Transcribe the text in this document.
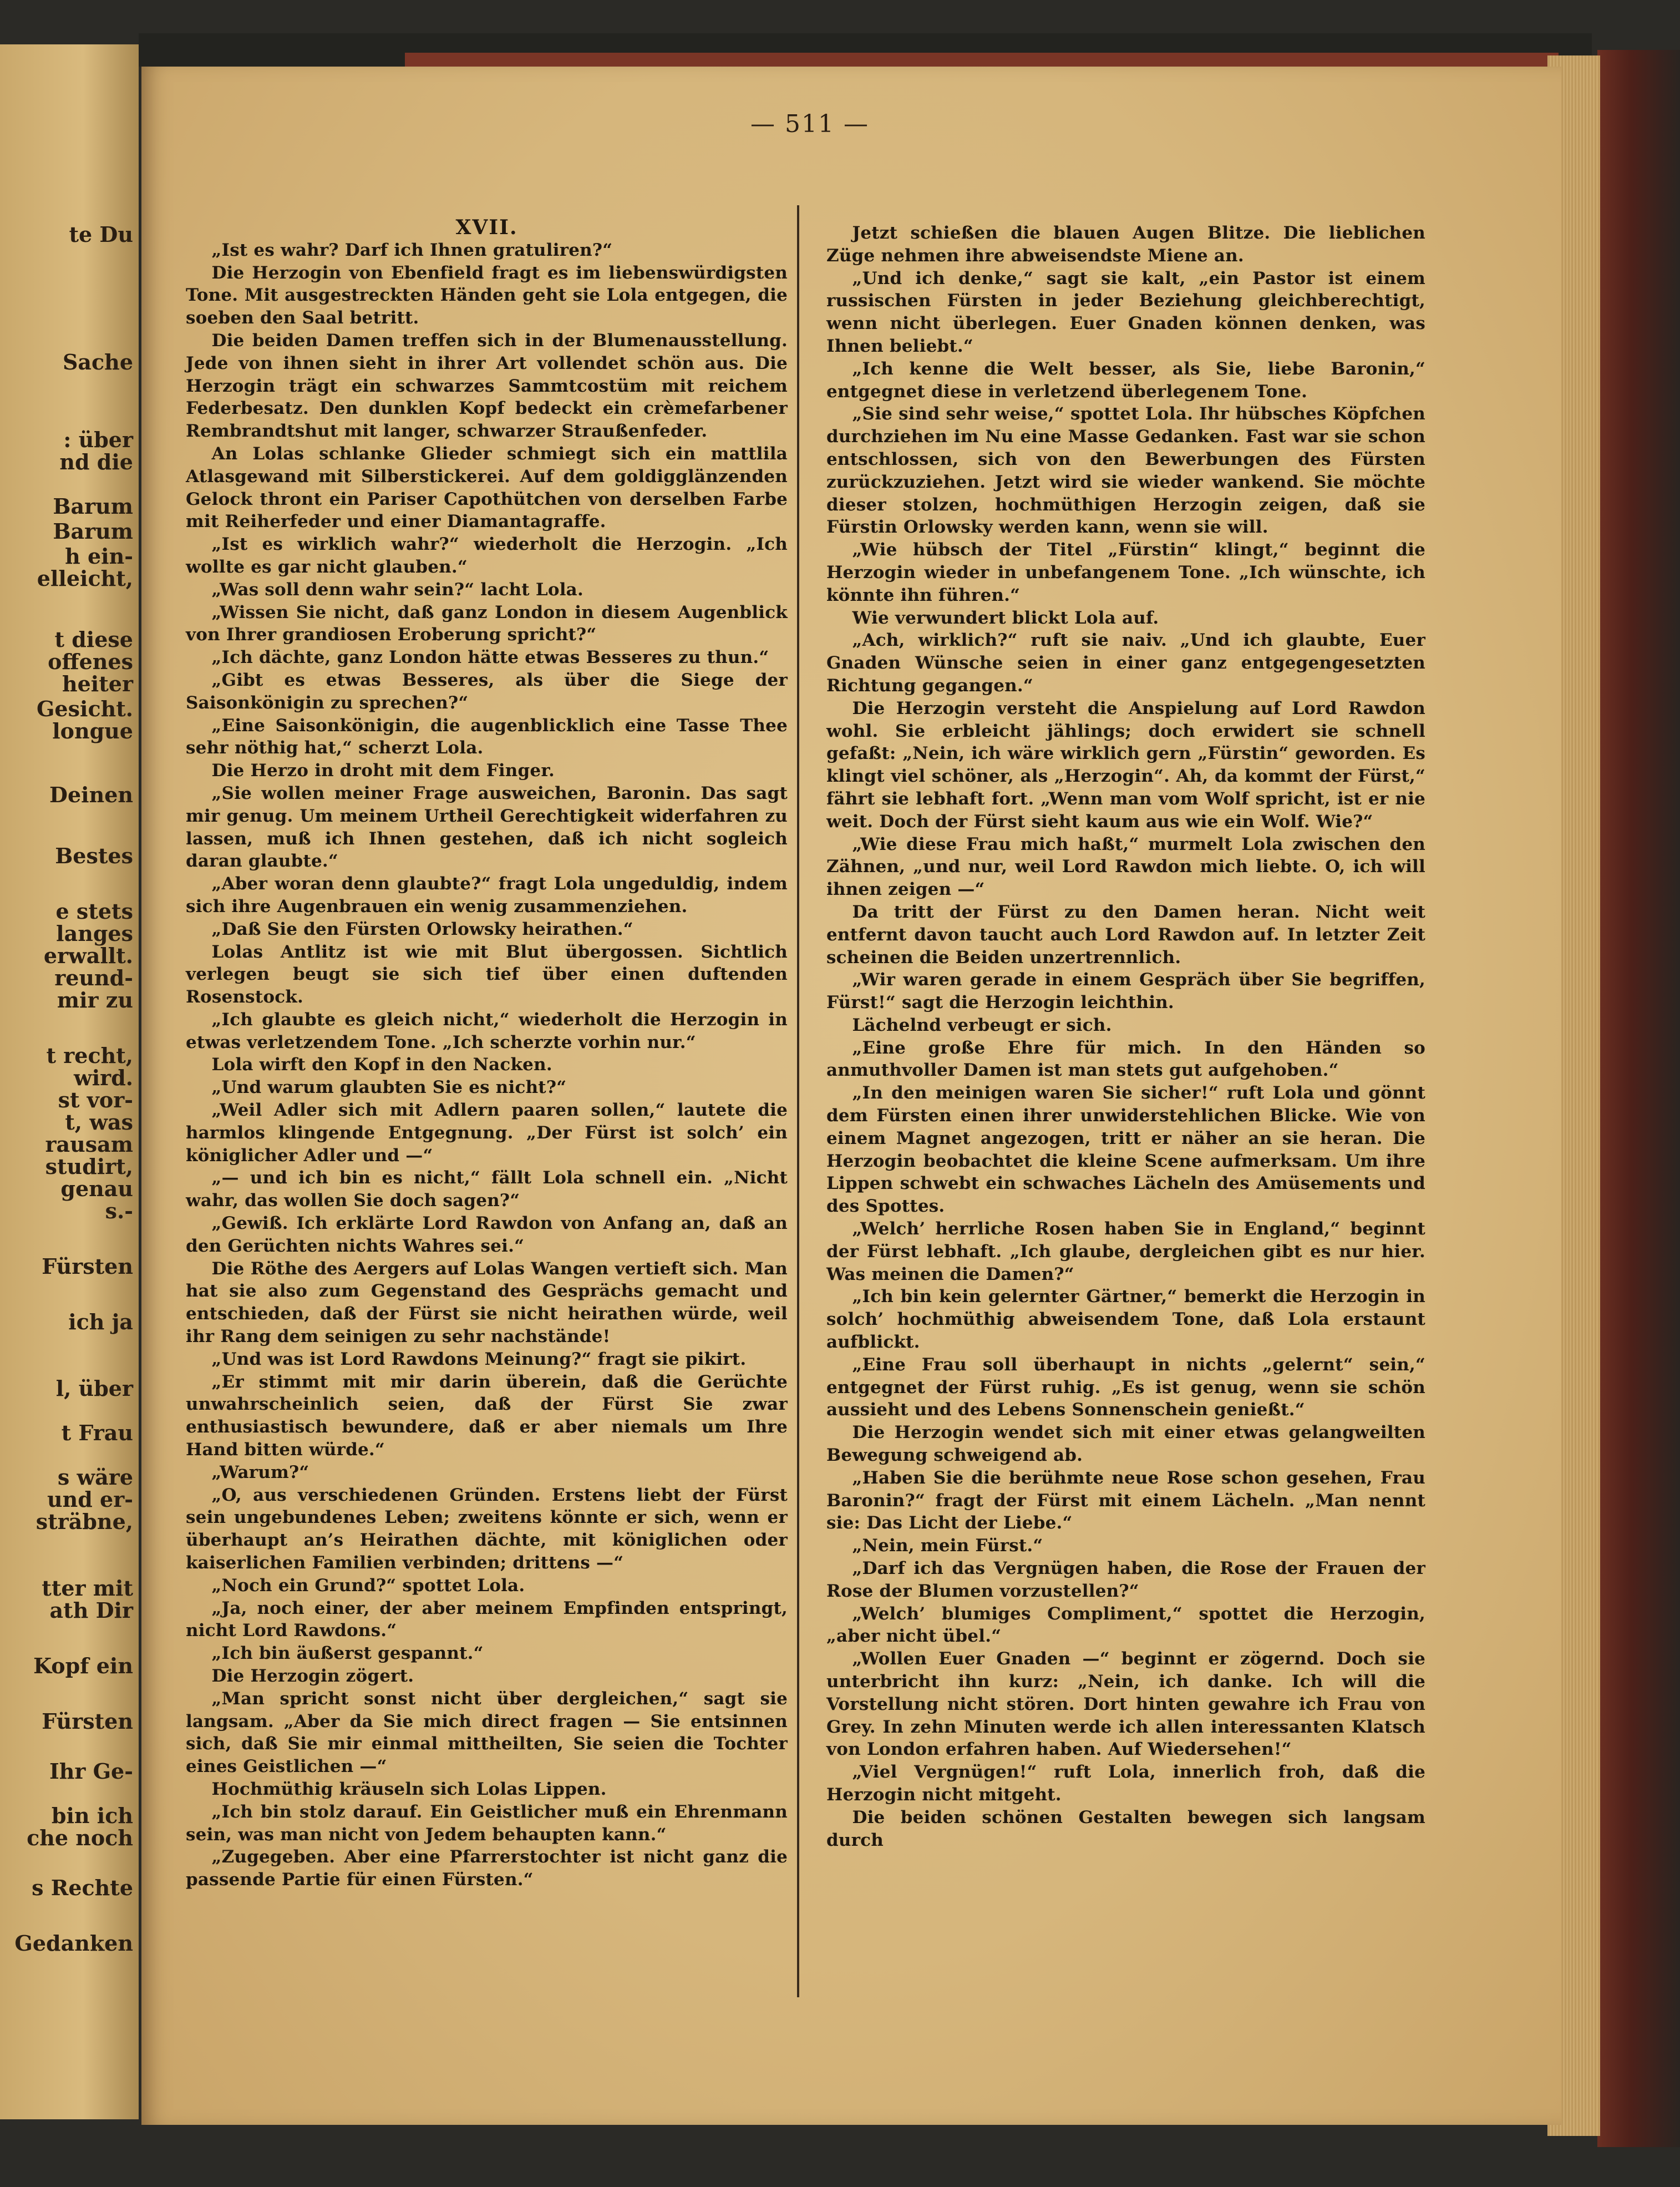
te Du
Sache
: über
nd die
Barum
Barum
h ein-
elleicht,
t diese
offenes
heiter
Gesicht.
longue
Deinen
Bestes
e stets
langes
erwallt.
reund-
mir zu
t recht,
wird.
st vor-
t, was
rausam
studirt,
genau
s.-
Fürsten
ich ja
l, über
t Frau
s wäre
und er-
sträbne,
tter mit
ath Dir
Kopf ein
Fürsten
Ihr Ge-
bin ich
che noch
s Rechte
Gedanken
— 511 —
XVII.

„Ist es wahr? Darf ich Ihnen gratuliren?“

Die Herzogin von Ebenfield fragt es im liebenswürdigsten Tone. Mit ausgestreckten Händen geht sie Lola entgegen, die soeben den Saal betritt.

Die beiden Damen treffen sich in der Blumenausstellung. Jede von ihnen sieht in ihrer Art vollendet schön aus. Die Herzogin trägt ein schwarzes Sammtcostüm mit reichem Federbesatz. Den dunklen Kopf bedeckt ein crèmefarbener Rembrandtshut mit langer, schwarzer Straußenfeder.

An Lolas schlanke Glieder schmiegt sich ein mattlila Atlasgewand mit Silberstickerei. Auf dem goldigglänzenden Gelock thront ein Pariser Capothütchen von derselben Farbe mit Reiherfeder und einer Diamantagraffe.

„Ist es wirklich wahr?“ wiederholt die Herzogin. „Ich wollte es gar nicht glauben.“

„Was soll denn wahr sein?“ lacht Lola.

„Wissen Sie nicht, daß ganz London in diesem Augenblick von Ihrer grandiosen Eroberung spricht?“

„Ich dächte, ganz London hätte etwas Besseres zu thun.“

„Gibt es etwas Besseres, als über die Siege der Saisonkönigin zu sprechen?“

„Eine Saisonkönigin, die augenblicklich eine Tasse Thee sehr nöthig hat,“ scherzt Lola.

Die Herzo in droht mit dem Finger.

„Sie wollen meiner Frage ausweichen, Baronin. Das sagt mir genug. Um meinem Urtheil Gerechtigkeit widerfahren zu lassen, muß ich Ihnen gestehen, daß ich nicht sogleich daran glaubte.“

„Aber woran denn glaubte?“ fragt Lola ungeduldig, indem sich ihre Augenbrauen ein wenig zusammenziehen.

„Daß Sie den Fürsten Orlowsky heirathen.“

Lolas Antlitz ist wie mit Blut übergossen. Sichtlich verlegen beugt sie sich tief über einen duftenden Rosenstock.

„Ich glaubte es gleich nicht,“ wiederholt die Herzogin in etwas verletzendem Tone. „Ich scherzte vorhin nur.“

Lola wirft den Kopf in den Nacken.

„Und warum glaubten Sie es nicht?“

„Weil Adler sich mit Adlern paaren sollen,“ lautete die harmlos klingende Entgegnung. „Der Fürst ist solch’ ein königlicher Adler und —“

„— und ich bin es nicht,“ fällt Lola schnell ein. „Nicht wahr, das wollen Sie doch sagen?“

„Gewiß. Ich erklärte Lord Rawdon von Anfang an, daß an den Gerüchten nichts Wahres sei.“

Die Röthe des Aergers auf Lolas Wangen vertieft sich. Man hat sie also zum Gegenstand des Gesprächs gemacht und entschieden, daß der Fürst sie nicht heirathen würde, weil ihr Rang dem seinigen zu sehr nachstände!

„Und was ist Lord Rawdons Meinung?“ fragt sie pikirt.

„Er stimmt mit mir darin überein, daß die Gerüchte unwahrscheinlich seien, daß der Fürst Sie zwar enthusiastisch bewundere, daß er aber niemals um Ihre Hand bitten würde.“

„Warum?“

„O, aus verschiedenen Gründen. Erstens liebt der Fürst sein ungebundenes Leben; zweitens könnte er sich, wenn er überhaupt an’s Heirathen dächte, mit königlichen oder kaiserlichen Familien verbinden; drittens —“

„Noch ein Grund?“ spottet Lola.

„Ja, noch einer, der aber meinem Empfinden entspringt, nicht Lord Rawdons.“

„Ich bin äußerst gespannt.“

Die Herzogin zögert.

„Man spricht sonst nicht über dergleichen,“ sagt sie langsam. „Aber da Sie mich direct fragen — Sie entsinnen sich, daß Sie mir einmal mittheilten, Sie seien die Tochter eines Geistlichen —“

Hochmüthig kräuseln sich Lolas Lippen.

„Ich bin stolz darauf. Ein Geistlicher muß ein Ehrenmann sein, was man nicht von Jedem behaupten kann.“

„Zugegeben. Aber eine Pfarrerstochter ist nicht ganz die passende Partie für einen Fürsten.“

Jetzt schießen die blauen Augen Blitze. Die lieblichen Züge nehmen ihre abweisendste Miene an.

„Und ich denke,“ sagt sie kalt, „ein Pastor ist einem russischen Fürsten in jeder Beziehung gleichberechtigt, wenn nicht überlegen. Euer Gnaden können denken, was Ihnen beliebt.“

„Ich kenne die Welt besser, als Sie, liebe Baronin,“ entgegnet diese in verletzend überlegenem Tone.

„Sie sind sehr weise,“ spottet Lola. Ihr hübsches Köpfchen durchziehen im Nu eine Masse Gedanken. Fast war sie schon entschlossen, sich von den Bewerbungen des Fürsten zurückzuziehen. Jetzt wird sie wieder wankend. Sie möchte dieser stolzen, hochmüthigen Herzogin zeigen, daß sie Fürstin Orlowsky werden kann, wenn sie will.

„Wie hübsch der Titel „Fürstin“ klingt,“ beginnt die Herzogin wieder in unbefangenem Tone. „Ich wünschte, ich könnte ihn führen.“

Wie verwundert blickt Lola auf.

„Ach, wirklich?“ ruft sie naiv. „Und ich glaubte, Euer Gnaden Wünsche seien in einer ganz entgegengesetzten Richtung gegangen.“

Die Herzogin versteht die Anspielung auf Lord Rawdon wohl. Sie erbleicht jählings; doch erwidert sie schnell gefaßt: „Nein, ich wäre wirklich gern „Fürstin“ geworden. Es klingt viel schöner, als „Herzogin“. Ah, da kommt der Fürst,“ fährt sie lebhaft fort. „Wenn man vom Wolf spricht, ist er nie weit. Doch der Fürst sieht kaum aus wie ein Wolf. Wie?“

„Wie diese Frau mich haßt,“ murmelt Lola zwischen den Zähnen, „und nur, weil Lord Rawdon mich liebte. O, ich will ihnen zeigen —“

Da tritt der Fürst zu den Damen heran. Nicht weit entfernt davon taucht auch Lord Rawdon auf. In letzter Zeit scheinen die Beiden unzertrennlich.

„Wir waren gerade in einem Gespräch über Sie begriffen, Fürst!“ sagt die Herzogin leichthin.

Lächelnd verbeugt er sich.

„Eine große Ehre für mich. In den Händen so anmuthvoller Damen ist man stets gut aufgehoben.“

„In den meinigen waren Sie sicher!“ ruft Lola und gönnt dem Fürsten einen ihrer unwiderstehlichen Blicke. Wie von einem Magnet angezogen, tritt er näher an sie heran. Die Herzogin beobachtet die kleine Scene aufmerksam. Um ihre Lippen schwebt ein schwaches Lächeln des Amüsements und des Spottes.

„Welch’ herrliche Rosen haben Sie in England,“ beginnt der Fürst lebhaft. „Ich glaube, dergleichen gibt es nur hier. Was meinen die Damen?“

„Ich bin kein gelernter Gärtner,“ bemerkt die Herzogin in solch’ hochmüthig abweisendem Tone, daß Lola erstaunt aufblickt.

„Eine Frau soll überhaupt in nichts „gelernt“ sein,“ entgegnet der Fürst ruhig. „Es ist genug, wenn sie schön aussieht und des Lebens Sonnenschein genießt.“

Die Herzogin wendet sich mit einer etwas gelangweilten Bewegung schweigend ab.

„Haben Sie die berühmte neue Rose schon gesehen, Frau Baronin?“ fragt der Fürst mit einem Lächeln. „Man nennt sie: Das Licht der Liebe.“

„Nein, mein Fürst.“

„Darf ich das Vergnügen haben, die Rose der Frauen der Rose der Blumen vorzustellen?“

„Welch’ blumiges Compliment,“ spottet die Herzogin, „aber nicht übel.“

„Wollen Euer Gnaden —“ beginnt er zögernd. Doch sie unterbricht ihn kurz: „Nein, ich danke. Ich will die Vorstellung nicht stören. Dort hinten gewahre ich Frau von Grey. In zehn Minuten werde ich allen interessanten Klatsch von London erfahren haben. Auf Wiedersehen!“

„Viel Vergnügen!“ ruft Lola, innerlich froh, daß die Herzogin nicht mitgeht.

Die beiden schönen Gestalten bewegen sich langsam durch
